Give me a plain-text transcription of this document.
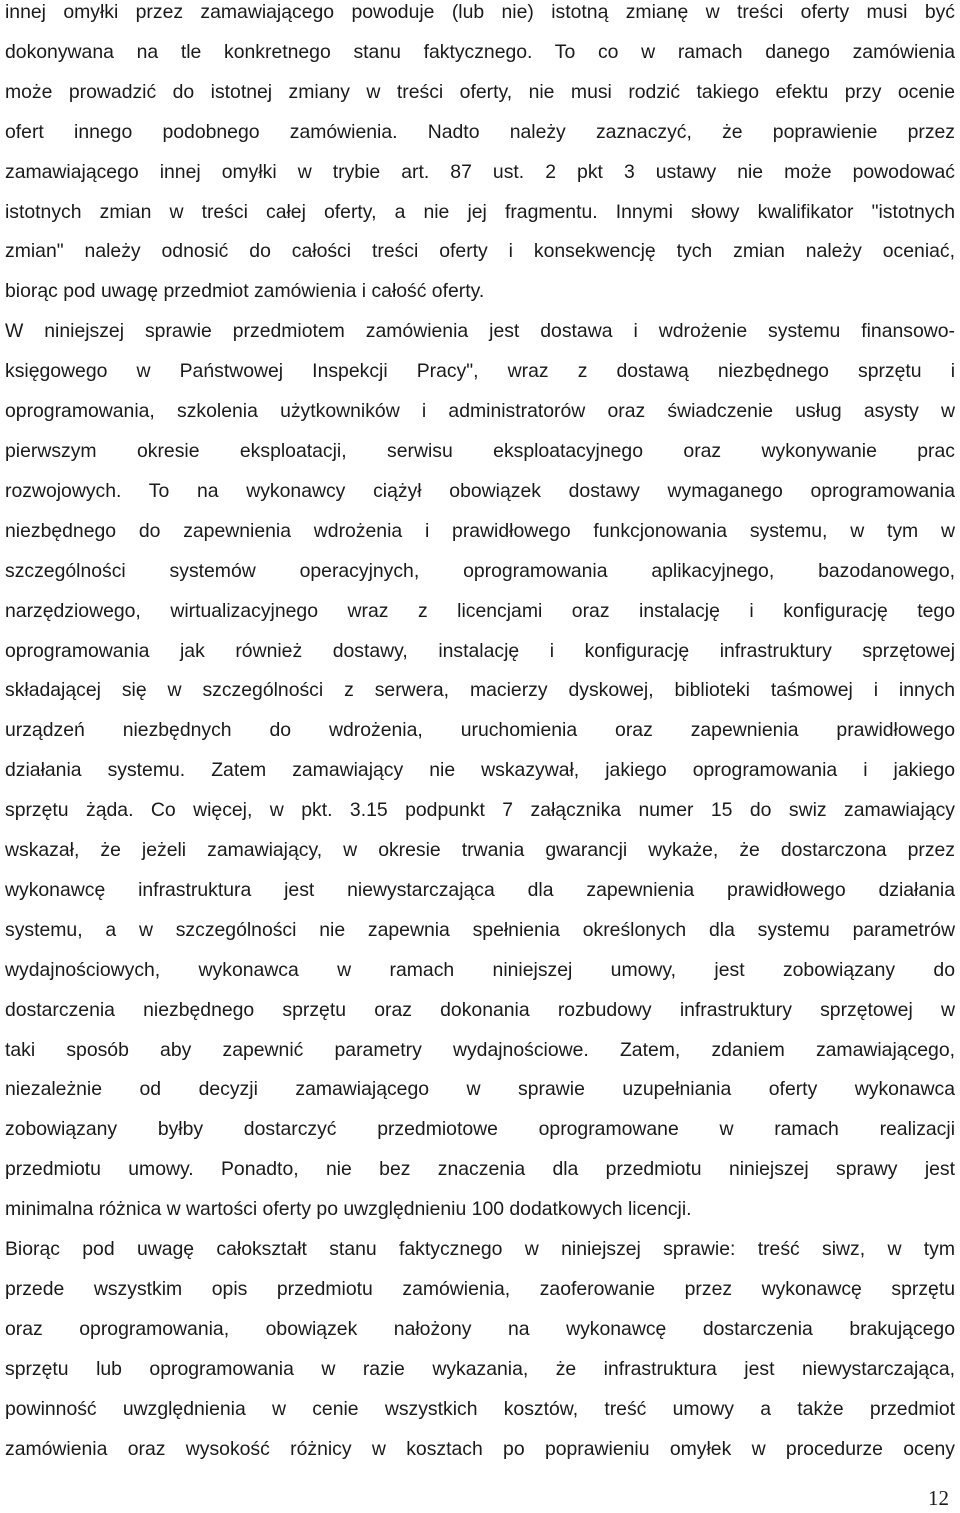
innej omyłki przez zamawiającego powoduje (lub nie) istotną zmianę w treści oferty musi być
dokonywana na tle konkretnego stanu faktycznego. To co w ramach danego zamówienia
może prowadzić do istotnej zmiany w treści oferty, nie musi rodzić takiego efektu przy ocenie
ofert innego podobnego zamówienia. Nadto należy zaznaczyć, że poprawienie przez
zamawiającego innej omyłki w trybie art. 87 ust. 2 pkt 3 ustawy nie może powodować
istotnych zmian w treści całej oferty, a nie jej fragmentu. Innymi słowy kwalifikator "istotnych
zmian" należy odnosić do całości treści oferty i konsekwencję tych zmian należy oceniać,
biorąc pod uwagę przedmiot zamówienia i całość oferty.

W niniejszej sprawie przedmiotem zamówienia jest dostawa i wdrożenie systemu finansowo-
księgowego w Państwowej Inspekcji Pracy", wraz z dostawą niezbędnego sprzętu i
oprogramowania, szkolenia użytkowników i administratorów oraz świadczenie usług asysty w
pierwszym okresie eksploatacji, serwisu eksploatacyjnego oraz wykonywanie prac
rozwojowych. To na wykonawcy ciążył obowiązek dostawy wymaganego oprogramowania
niezbędnego do zapewnienia wdrożenia i prawidłowego funkcjonowania systemu, w tym w
szczególności systemów operacyjnych, oprogramowania aplikacyjnego, bazodanowego,
narzędziowego, wirtualizacyjnego wraz z licencjami oraz instalację i konfigurację tego
oprogramowania jak również dostawy, instalację i konfigurację infrastruktury sprzętowej
składającej się w szczególności z serwera, macierzy dyskowej, biblioteki taśmowej i innych
urządzeń niezbędnych do wdrożenia, uruchomienia oraz zapewnienia prawidłowego
działania systemu. Zatem zamawiający nie wskazywał, jakiego oprogramowania i jakiego
sprzętu żąda. Co więcej, w pkt. 3.15 podpunkt 7 załącznika numer 15 do swiz zamawiający
wskazał, że jeżeli zamawiający, w okresie trwania gwarancji wykaże, że dostarczona przez
wykonawcę infrastruktura jest niewystarczająca dla zapewnienia prawidłowego działania
systemu, a w szczególności nie zapewnia spełnienia określonych dla systemu parametrów
wydajnościowych, wykonawca w ramach niniejszej umowy, jest zobowiązany do
dostarczenia niezbędnego sprzętu oraz dokonania rozbudowy infrastruktury sprzętowej w
taki sposób aby zapewnić parametry wydajnościowe. Zatem, zdaniem zamawiającego,
niezależnie od decyzji zamawiającego w sprawie uzupełniania oferty wykonawca
zobowiązany byłby dostarczyć przedmiotowe oprogramowane w ramach realizacji
przedmiotu umowy. Ponadto, nie bez znaczenia dla przedmiotu niniejszej sprawy jest
minimalna różnica w wartości oferty po uwzględnieniu 100 dodatkowych licencji.

Biorąc pod uwagę całokształt stanu faktycznego w niniejszej sprawie: treść siwz, w tym
przede wszystkim opis przedmiotu zamówienia, zaoferowanie przez wykonawcę sprzętu
oraz oprogramowania, obowiązek nałożony na wykonawcę dostarczenia brakującego
sprzętu lub oprogramowania w razie wykazania, że infrastruktura jest niewystarczająca,
powinność uwzględnienia w cenie wszystkich kosztów, treść umowy a także przedmiot
zamówienia oraz wysokość różnicy w kosztach po poprawieniu omyłek w procedurze oceny

12
